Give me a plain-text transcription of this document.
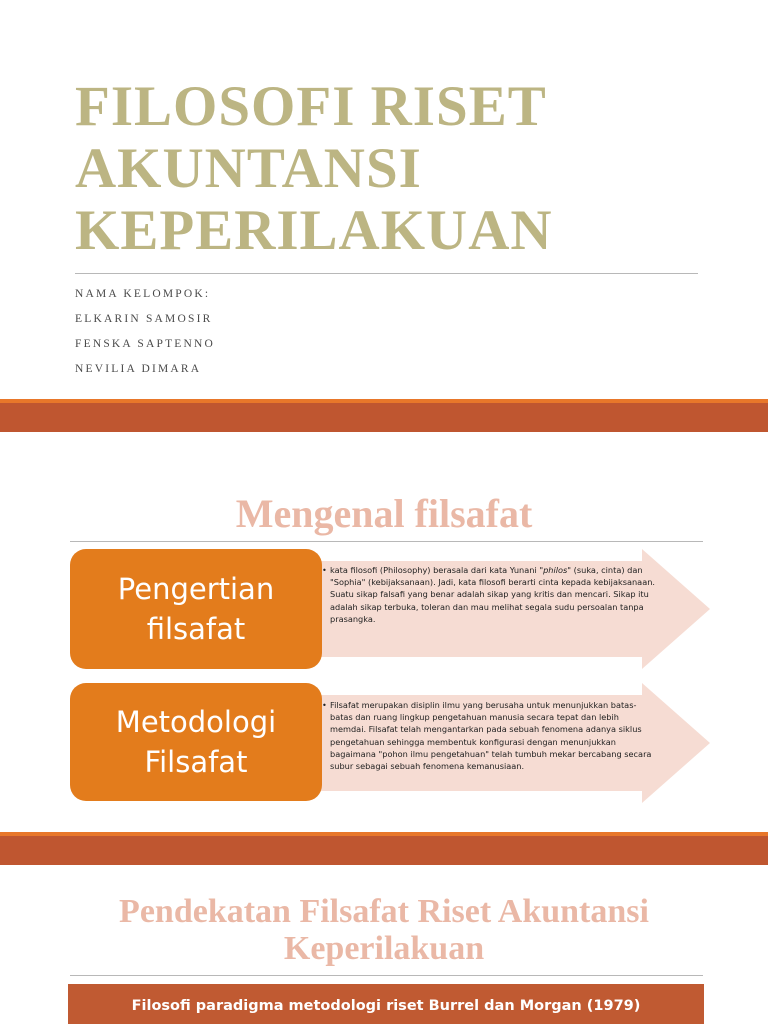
FILOSOFI RISET
AKUNTANSI
KEPERILAKUAN
NAMA KELOMPOK:
ELKARIN SAMOSIR
FENSKA SAPTENNO
NEVILIA DIMARA
Mengenal filsafat
Pengertian
filsafat
• kata filosofi (Philosophy) berasala dari kata Yunani "philos" (suka, cinta) dan "Sophia" (kebijaksanaan). Jadi, kata filosofi berarti cinta kepada kebijaksanaan. Suatu sikap falsafi yang benar adalah sikap yang kritis dan mencari. Sikap itu adalah sikap terbuka, toleran dan mau melihat segala sudu persoalan tanpa prasangka.
Metodologi
Filsafat
• Filsafat merupakan disiplin ilmu yang berusaha untuk menunjukkan batas-batas dan ruang lingkup pengetahuan manusia secara tepat dan lebih memdai. Filsafat telah mengantarkan pada sebuah fenomena adanya siklus pengetahuan sehingga membentuk konfigurasi dengan menunjukkan bagaimana "pohon ilmu pengetahuan" telah tumbuh mekar bercabang secara subur sebagai sebuah fenomena kemanusiaan.
Pendekatan Filsafat Riset Akuntansi
Keperilakuan
Filosofi paradigma metodologi riset Burrel dan Morgan (1979)
